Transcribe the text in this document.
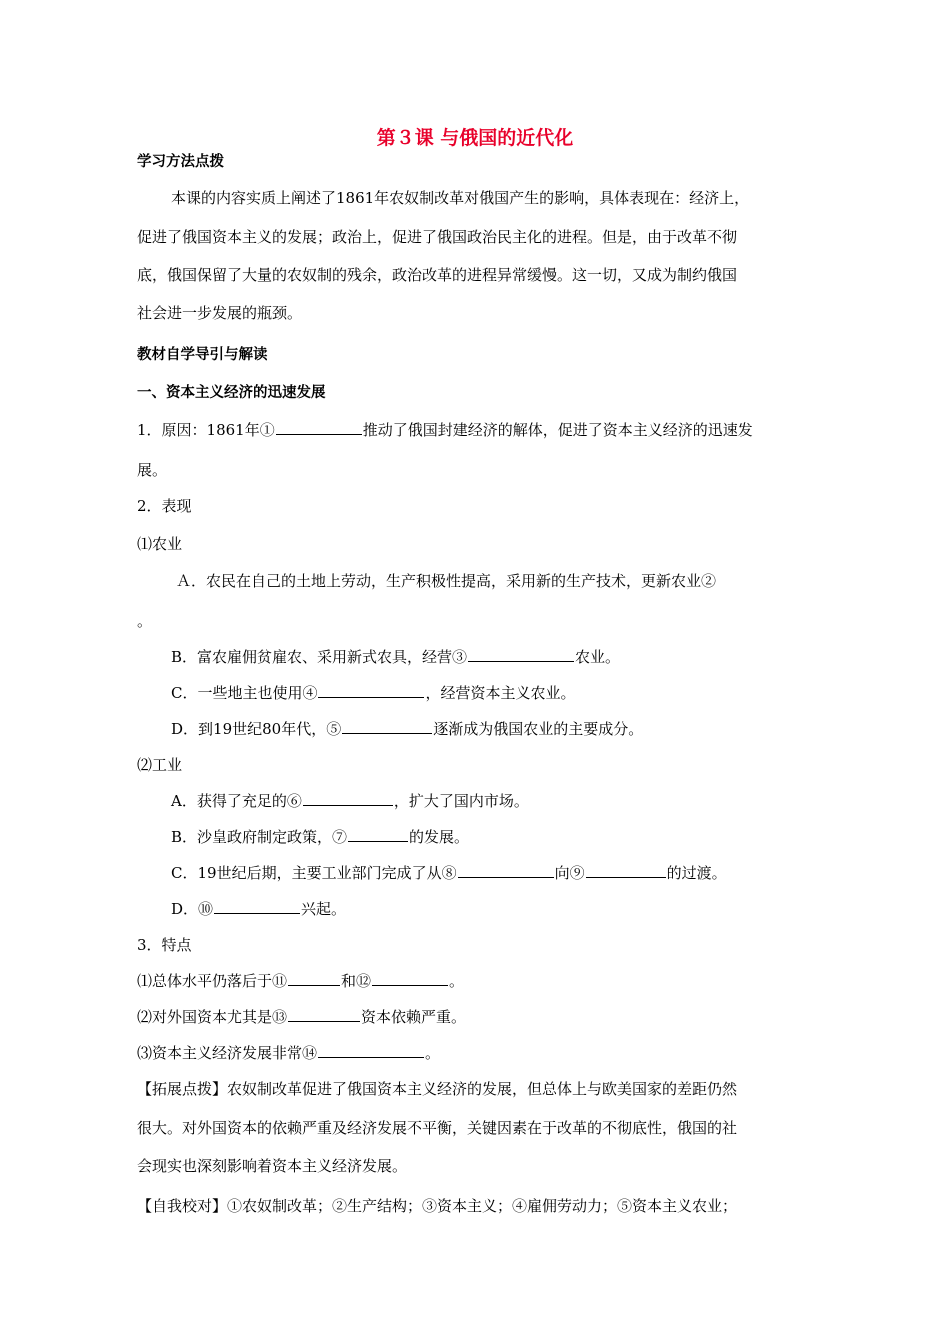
第３课 与俄国的近代化
学习方法点拨
本课的内容实质上阐述了1861年农奴制改革对俄国产生的影响，具体表现在：经济上，
促进了俄国资本主义的发展；政治上，促进了俄国政治民主化的进程。但是，由于改革不彻
底，俄国保留了大量的农奴制的残余，政治改革的进程异常缓慢。这一切，又成为制约俄国
社会进一步发展的瓶颈。
教材自学导引与解读
一、资本主义经济的迅速发展
1．原因：1861年①	推动了俄国封建经济的解体，促进了资本主义经济的迅速发
展。
2．表现
⑴农业
Ａ．农民在自己的土地上劳动，生产积极性提高，采用新的生产技术，更新农业②
。
B．富农雇佣贫雇农、采用新式农具，经营③	农业。
C．一些地主也使用④	，经营资本主义农业。
D．到19世纪80年代，⑤	逐渐成为俄国农业的主要成分。
⑵工业
A．获得了充足的⑥	，扩大了国内市场。
B．沙皇政府制定政策，⑦	的发展。
C．19世纪后期，主要工业部门完成了从⑧	向⑨	的过渡。
D．⑩	兴起。
3．特点
⑴总体水平仍落后于⑪	和⑫	。
⑵对外国资本尤其是⑬	资本依赖严重。
⑶资本主义经济发展非常⑭	。
【拓展点拨】农奴制改革促进了俄国资本主义经济的发展，但总体上与欧美国家的差距仍然
很大。对外国资本的依赖严重及经济发展不平衡，关键因素在于改革的不彻底性，俄国的社
会现实也深刻影响着资本主义经济发展。
【自我校对】①农奴制改革；②生产结构；③资本主义；④雇佣劳动力；⑤资本主义农业；
